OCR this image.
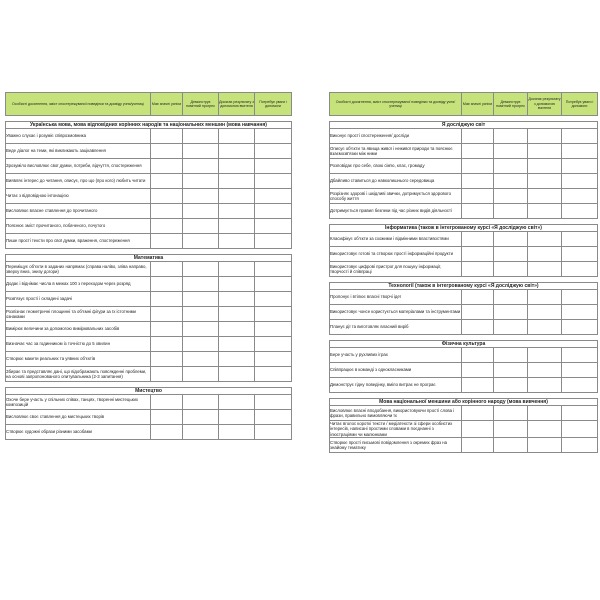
Особисті досягнення, зміст спостережуваної поведінки та досвіду учня/учениці	Має значні успіхи	Демонструє помітний прогрес	Досягає результату з допомогою вчителя	Потребує уваги і допомоги

Українська мова, мова відповідних корінних народів та національних меншин (мова навчання)				
Уважно слухає і розуміє співрозмовника				
Веде діалог на теми, які викликають зацікавлення				
Зрозуміло висловлює свої думки, потреби, відчуття, спостереження				
Виявляє інтерес до читання, описує, про що (про кого) любить читати				
Читає з відповідною інтонацією				
Висловлює власне ставлення до прочитаного				
Пояснює зміст прочитаного, побаченого, почутого				
Пише прості тексти про свої думки, враження, спостереження				

Математика				
Переміщує об'єкти в заданих напрямах (справа наліво, зліва направо, зверху вниз, знизу догори)				
Додає і віднімає числа в межах 100 з переходом через розряд				
Розв'язує прості і складені задачі				
Розпізнає геометричні площинні та об'ємні фігури за їх істотними ознаками				
Вимірює величини за допомогою вимірювальних засобів				
Визначає час за годинником із точністю до 5 хвилин				
Створює макети реальних та уявних об'єктів				
Збирає та представляє дані, що відображають повсякденні проблеми, на основі запропонованого опитувальника (2-3 запитання)				

Мистецтво				
Охоче бере участь у спільних співах, танцях, творенні мистецьких композицій				
Висловлює своє ставлення до мистецьких творів				
Створює художні образи різними засобами				
Особисті досягнення, зміст спостережуваної поведінки та досвіду учня/учениці	Має значні успіхи	Демонструє помітний прогрес	Досягає результату з допомогою вчителя	Потребує уваги і допомоги

Я досліджую світ				
Виконує прості спостереження/ досліди				
Описує об'єкти та явища живої і неживої природи та пояснює взаємозв'язки між ними				
Розповідає про себе, свою сім'ю, клас, громаду				
Дбайливо ставиться до навколишнього середовища				
Розрізняє здорові і шкідливі звички, дотримується здорового способу життя				
Дотримується правил безпеки під час різних видів діяльності				

Інформатика (також в інтегрованому курсі «Я досліджую світ»)				
Класифікує об'єкти за схожими і відмінними властивостями				
Використовує готові та створює прості інформаційні продукти				
Використовує цифрові пристрої для пошуку інформації, творчості й співпраці				

Технології (також в інтегрованому курсі «Я досліджую світ»)				
Пропонує і втілює власні творчі ідеї				
Використовує чонсе користується матеріалами та інструментами				
Планує дії та виготовляє власний виріб				

Фізична культура				
Бере участь у рухливих іграх				
Співпрацює в команді з однокласниками				
Демонструє гідну поведінку, вміло витрає не програє				

Мова національної меншини або корінного народу (мова вивчення)				
Висловлює власні вподобання, використовуючи прості слова і фрази, правильно вимовляючи їх				
Читає вголос короткі тексти / медіатексти зі сфери особистих інтересів, написані простими словами в поєднанні з ілюстраціями чи малюнками				
Створює прості письмові повідомлення з окремих фраз на знайому тематику				
